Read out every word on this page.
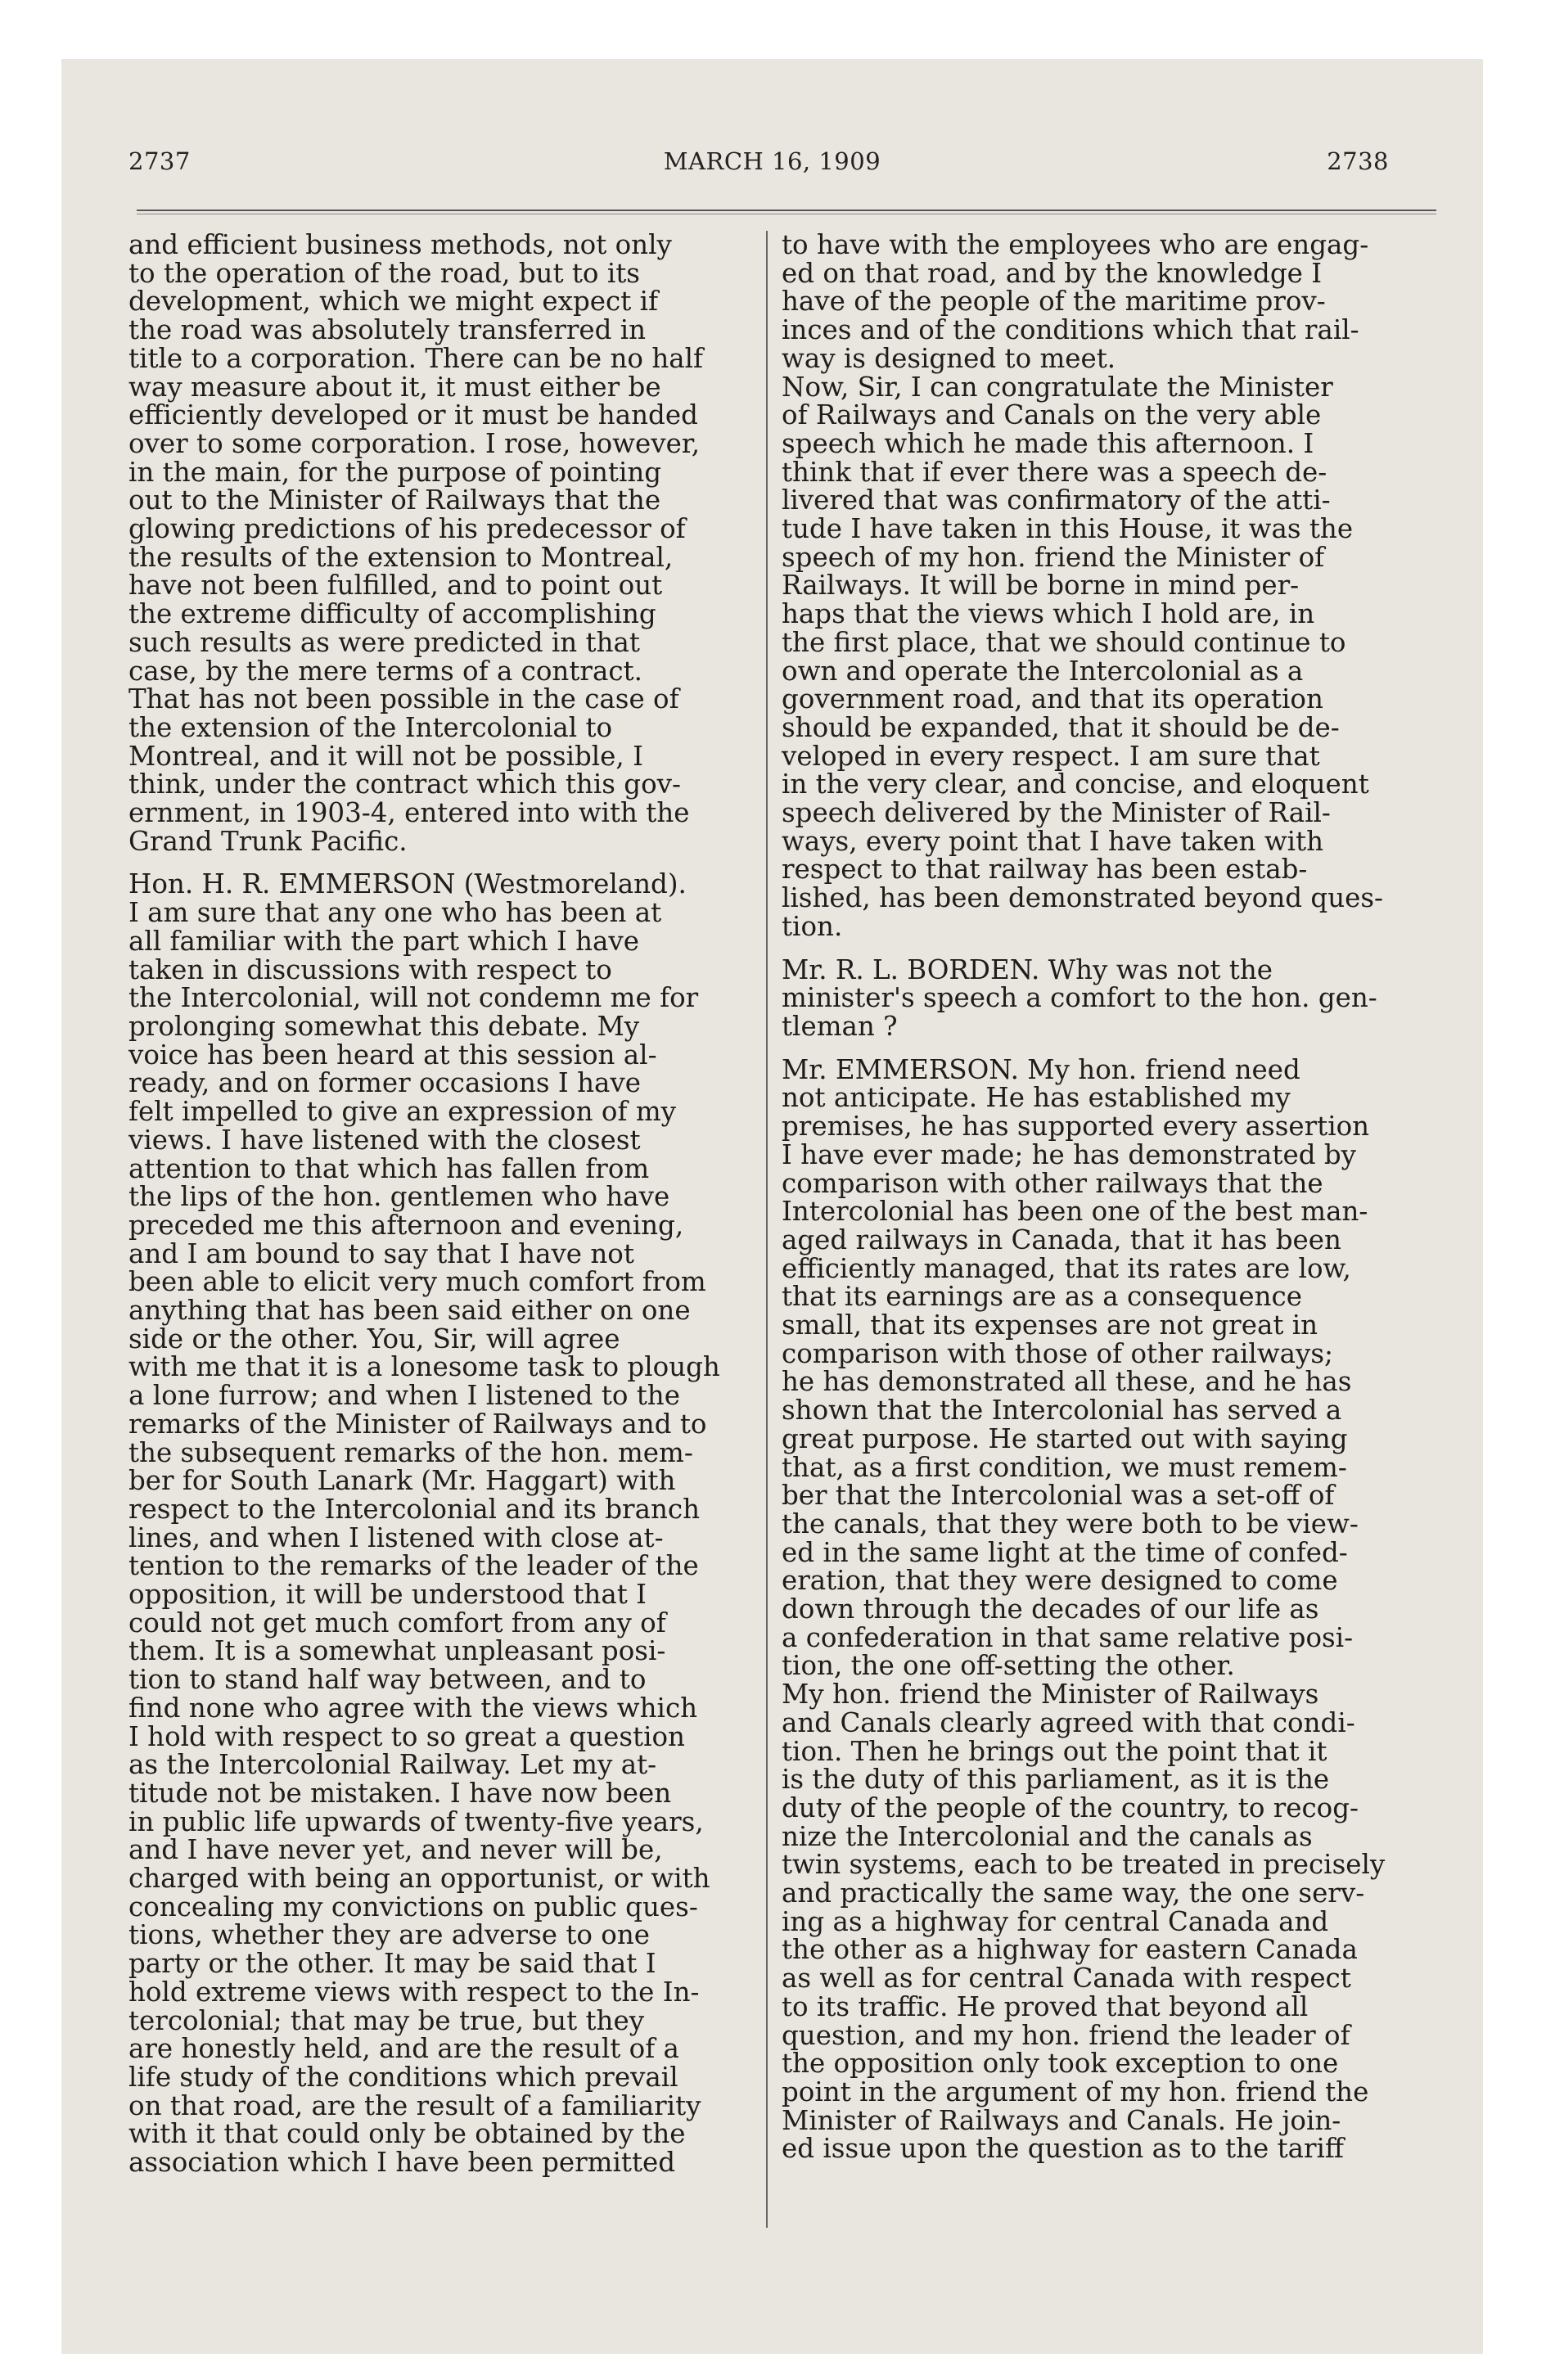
2737	MARCH 16, 1909	2738

and efficient business methods, not only
to the operation of the road, but to its
development, which we might expect if
the road was absolutely transferred in
title to a corporation. There can be no half
way measure about it, it must either be
efficiently developed or it must be handed
over to some corporation. I rose, however,
in the main, for the purpose of pointing
out to the Minister of Railways that the
glowing predictions of his predecessor of
the results of the extension to Montreal,
have not been fulfilled, and to point out
the extreme difficulty of accomplishing
such results as were predicted in that
case, by the mere terms of a contract.
That has not been possible in the case of
the extension of the Intercolonial to
Montreal, and it will not be possible, I
think, under the contract which this gov-
ernment, in 1903-4, entered into with the
Grand Trunk Pacific.

Hon. H. R. EMMERSON (Westmoreland).
I am sure that any one who has been at
all familiar with the part which I have
taken in discussions with respect to
the Intercolonial, will not condemn me for
prolonging somewhat this debate. My
voice has been heard at this session al-
ready, and on former occasions I have
felt impelled to give an expression of my
views. I have listened with the closest
attention to that which has fallen from
the lips of the hon. gentlemen who have
preceded me this afternoon and evening,
and I am bound to say that I have not
been able to elicit very much comfort from
anything that has been said either on one
side or the other. You, Sir, will agree
with me that it is a lonesome task to plough
a lone furrow; and when I listened to the
remarks of the Minister of Railways and to
the subsequent remarks of the hon. mem-
ber for South Lanark (Mr. Haggart) with
respect to the Intercolonial and its branch
lines, and when I listened with close at-
tention to the remarks of the leader of the
opposition, it will be understood that I
could not get much comfort from any of
them. It is a somewhat unpleasant posi-
tion to stand half way between, and to
find none who agree with the views which
I hold with respect to so great a question
as the Intercolonial Railway. Let my at-
titude not be mistaken. I have now been
in public life upwards of twenty-five years,
and I have never yet, and never will be,
charged with being an opportunist, or with
concealing my convictions on public ques-
tions, whether they are adverse to one
party or the other. It may be said that I
hold extreme views with respect to the In-
tercolonial; that may be true, but they
are honestly held, and are the result of a
life study of the conditions which prevail
on that road, are the result of a familiarity
with it that could only be obtained by the
association which I have been permitted

to have with the employees who are engag-
ed on that road, and by the knowledge I
have of the people of the maritime prov-
inces and of the conditions which that rail-
way is designed to meet.

Now, Sir, I can congratulate the Minister
of Railways and Canals on the very able
speech which he made this afternoon. I
think that if ever there was a speech de-
livered that was confirmatory of the atti-
tude I have taken in this House, it was the
speech of my hon. friend the Minister of
Railways. It will be borne in mind per-
haps that the views which I hold are, in
the first place, that we should continue to
own and operate the Intercolonial as a
government road, and that its operation
should be expanded, that it should be de-
veloped in every respect. I am sure that
in the very clear, and concise, and eloquent
speech delivered by the Minister of Rail-
ways, every point that I have taken with
respect to that railway has been estab-
lished, has been demonstrated beyond ques-
tion.

Mr. R. L. BORDEN. Why was not the
minister's speech a comfort to the hon. gen-
tleman ?

Mr. EMMERSON. My hon. friend need
not anticipate. He has established my
premises, he has supported every assertion
I have ever made; he has demonstrated by
comparison with other railways that the
Intercolonial has been one of the best man-
aged railways in Canada, that it has been
efficiently managed, that its rates are low,
that its earnings are as a consequence
small, that its expenses are not great in
comparison with those of other railways;
he has demonstrated all these, and he has
shown that the Intercolonial has served a
great purpose. He started out with saying
that, as a first condition, we must remem-
ber that the Intercolonial was a set-off of
the canals, that they were both to be view-
ed in the same light at the time of confed-
eration, that they were designed to come
down through the decades of our life as
a confederation in that same relative posi-
tion, the one off-setting the other.

My hon. friend the Minister of Railways
and Canals clearly agreed with that condi-
tion. Then he brings out the point that it
is the duty of this parliament, as it is the
duty of the people of the country, to recog-
nize the Intercolonial and the canals as
twin systems, each to be treated in precisely
and practically the same way, the one serv-
ing as a highway for central Canada and
the other as a highway for eastern Canada
as well as for central Canada with respect
to its traffic. He proved that beyond all
question, and my hon. friend the leader of
the opposition only took exception to one
point in the argument of my hon. friend the
Minister of Railways and Canals. He join-
ed issue upon the question as to the tariff
